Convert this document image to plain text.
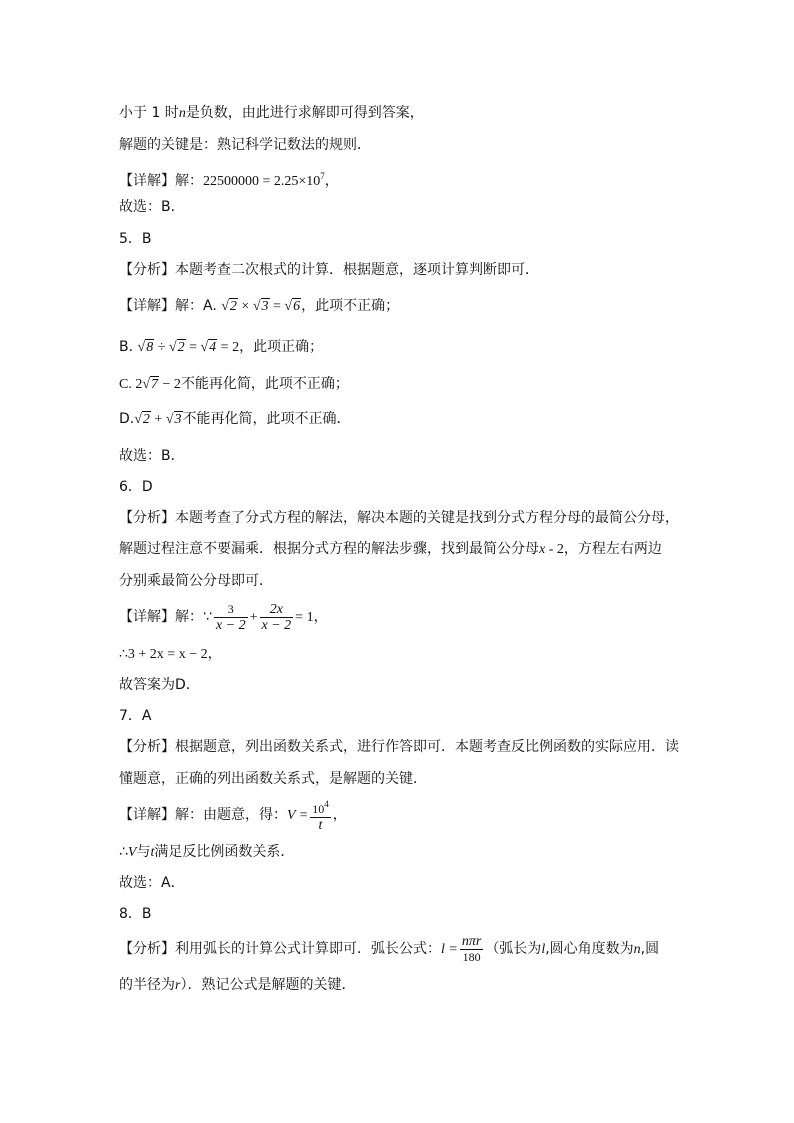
小于 1 时n是负数，由此进行求解即可得到答案，
解题的关键是：熟记科学记数法的规则．
【详解】解：$22500000 = 2.25\times 10^7$，
故选：B．
5．B
【分析】本题考查二次根式的计算．根据题意，逐项计算判断即可．
【详解】解：A. √2 × √3 = √6，此项不正确；
B. √8 ÷ √2 = √4 = 2，此项正确；
C. 2√7 − 2不能再化简，此项不正确；
D.√2 + √3不能再化简，此项不正确．
故选：B．
6．D
【分析】本题考查了分式方程的解法，解决本题的关键是找到分式方程分母的最简公分母，
解题过程注意不要漏乘．根据分式方程的解法步骤，找到最简公分母x - 2，方程左右两边
分别乘最简公分母即可．
【详解】解：∵ $\frac{3}{x - 2} + \frac{2x}{x - 2} = 1$，
∴3 + 2x = x − 2，
故答案为D．
7．A
【分析】根据题意，列出函数关系式，进行作答即可．本题考查反比例函数的实际应用．读
懂题意，正确的列出函数关系式，是解题的关键．
【详解】解：由题意，得：$V = \frac{10^4}{t}$ ，
∴V与t满足反比例函数关系．
故选：A．
8．B
【分析】利用弧长的计算公式计算即可．弧长公式：$l = \frac{\text{nπr}}{180}$ （弧长为l,圆心角度数为n,圆
的半径为r）．熟记公式是解题的关键．
